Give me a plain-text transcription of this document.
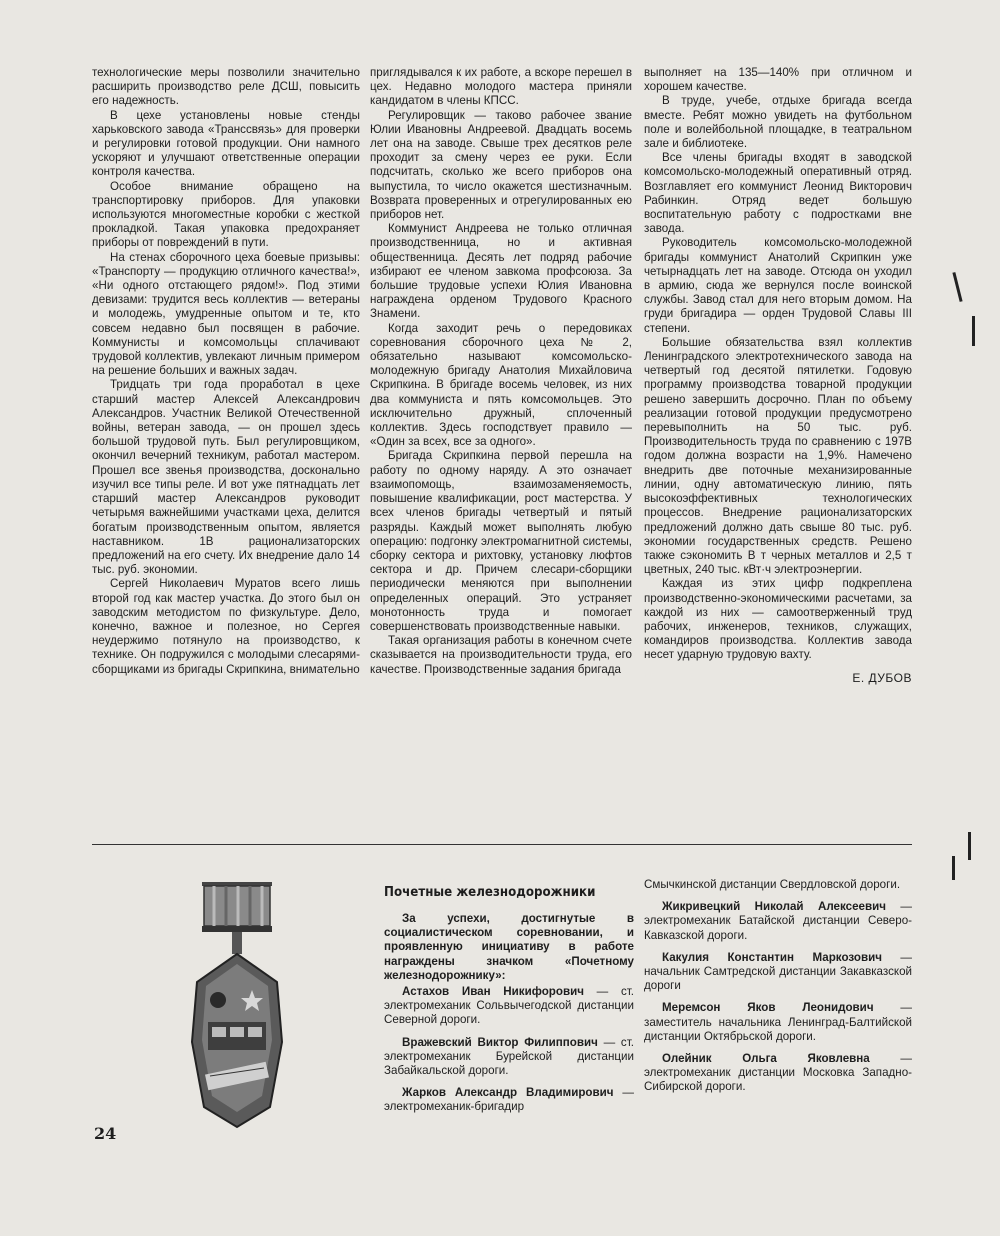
технологические меры позволили значительно расширить производство реле ДСШ, повысить его надежность.

В цехе установлены новые стенды харьковского завода «Транссвязь» для проверки и регулировки готовой продукции. Они намного ускоряют и улучшают ответственные операции контроля качества.

Особое внимание обращено на транспортировку приборов. Для упаковки используются многоместные коробки с жесткой прокладкой. Такая упаковка предохраняет приборы от повреждений в пути.

На стенах сборочного цеха боевые призывы: «Транспорту — продукцию отличного качества!», «Ни одного отстающего рядом!». Под этими девизами: трудится весь коллектив — ветераны и молодежь, умудренные опытом и те, кто совсем недавно был посвящен в рабочие. Коммунисты и комсомольцы сплачивают трудовой коллектив, увлекают личным примером на решение больших и важных задач.

Тридцать три года проработал в цехе старший мастер Алексей Александрович Александров. Участник Великой Отечественной войны, ветеран завода, — он прошел здесь большой трудовой путь. Был регулировщиком, окончил вечерний техникум, работал мастером. Прошел все звенья производства, досконально изучил все типы реле. И вот уже пятнадцать лет старший мастер Александров руководит четырьмя важнейшими участками цеха, делится богатым производственным опытом, является наставником. 1В рационализаторских предложений на его счету. Их внедрение дало 14 тыс. руб. экономии.

Сергей Николаевич Муратов всего лишь второй год как мастер участка. До этого был он заводским методистом по физкультуре. Дело, конечно, важное и полезное, но Сергея неудержимо потянуло на производство, к технике. Он подружился с молодыми слесарями-сборщиками из бригады Скрипкина, внимательно

приглядывался к их работе, а вскоре перешел в цех. Недавно молодого мастера приняли кандидатом в члены КПСС.

Регулировщик — таково рабочее звание Юлии Ивановны Андреевой. Двадцать восемь лет она на заводе. Свыше трех десятков реле проходит за смену через ее руки. Если подсчитать, сколько же всего приборов она выпустила, то число окажется шестизначным. Возврата проверенных и отрегулированных ею приборов нет.

Коммунист Андреева не только отличная производственница, но и активная общественница. Десять лет подряд рабочие избирают ее членом завкома профсоюза. За большие трудовые успехи Юлия Ивановна награждена орденом Трудового Красного Знамени.

Когда заходит речь о передовиках соревнования сборочного цеха № 2, обязательно называют комсомольско-молодежную бригаду Анатолия Михайловича Скрипкина. В бригаде восемь человек, из них два коммуниста и пять комсомольцев. Это исключительно дружный, сплоченный коллектив. Здесь господствует правило — «Один за всех, все за одного».

Бригада Скрипкина первой перешла на работу по одному наряду. А это означает взаимопомощь, взаимозаменяемость, повышение квалификации, рост мастерства. У всех членов бригады четвертый и пятый разряды. Каждый может выполнять любую операцию: подгонку электромагнитной системы, сборку сектора и рихтовку, установку люфтов сектора и др. Причем слесари-сборщики периодически меняются при выполнении определенных операций. Это устраняет монотонность труда и помогает совершенствовать производственные навыки.

Такая организация работы в конечном счете сказывается на производительности труда, его качестве. Производственные задания бригада

выполняет на 135—140% при отличном и хорошем качестве.

В труде, учебе, отдыхе бригада всегда вместе. Ребят можно увидеть на футбольном поле и волейбольной площадке, в театральном зале и библиотеке.

Все члены бригады входят в заводской комсомольско-молодежный оперативный отряд. Возглавляет его коммунист Леонид Викторович Рабинкин. Отряд ведет большую воспитательную работу с подростками вне завода.

Руководитель комсомольско-молодежной бригады коммунист Анатолий Скрипкин уже четырнадцать лет на заводе. Отсюда он уходил в армию, сюда же вернулся после воинской службы. Завод стал для него вторым домом. На груди бригадира — орден Трудовой Славы III степени.

Большие обязательства взял коллектив Ленинградского электротехнического завода на четвертый год десятой пятилетки. Годовую программу производства товарной продукции решено завершить досрочно. План по объему реализации готовой продукции предусмотрено перевыполнить на 50 тыс. руб. Производительность труда по сравнению с 197В годом должна возрасти на 1,9%. Намечено внедрить две поточные механизированные линии, одну автоматическую линию, пять высокоэффективных технологических процессов. Внедрение рационализаторских предложений должно дать свыше 80 тыс. руб. экономии государственных средств. Решено также сэкономить В т черных металлов и 2,5 т цветных, 240 тыс. кВт·ч электроэнергии.

Каждая из этих цифр подкреплена производственно-экономическими расчетами, за каждой из них — самоотверженный труд рабочих, инженеров, техников, служащих, командиров производства. Коллектив завода несет ударную трудовую вахту.

Е. ДУБОВ
Почетные железнодорожники

За успехи, достигнутые в социалистическом соревновании, и проявленную инициативу в работе награждены значком «Почетному железнодорожнику»:

Астахов Иван Никифорович — ст. электромеханик Сольвычегодской дистанции Северной дороги.

Вражевский Виктор Филиппович — ст. электромеханик Бурейской дистанции Забайкальской дороги.

Жарков Александр Владимирович — электромеханик-бригадир

Смычкинской дистанции Свердловской дороги.

Жикривецкий Николай Алексеевич — электромеханик Батайской дистанции Северо-Кавказской дороги.

Какулия Константин Маркозович — начальник Самтредской дистанции Закавказской дороги

Меремсон Яков Леонидович — заместитель начальника Ленинград-Балтийской дистанции Октябрьской дороги.

Олейник Ольга Яковлевна — электромеханик дистанции Московка Западно-Сибирской дороги.

24
